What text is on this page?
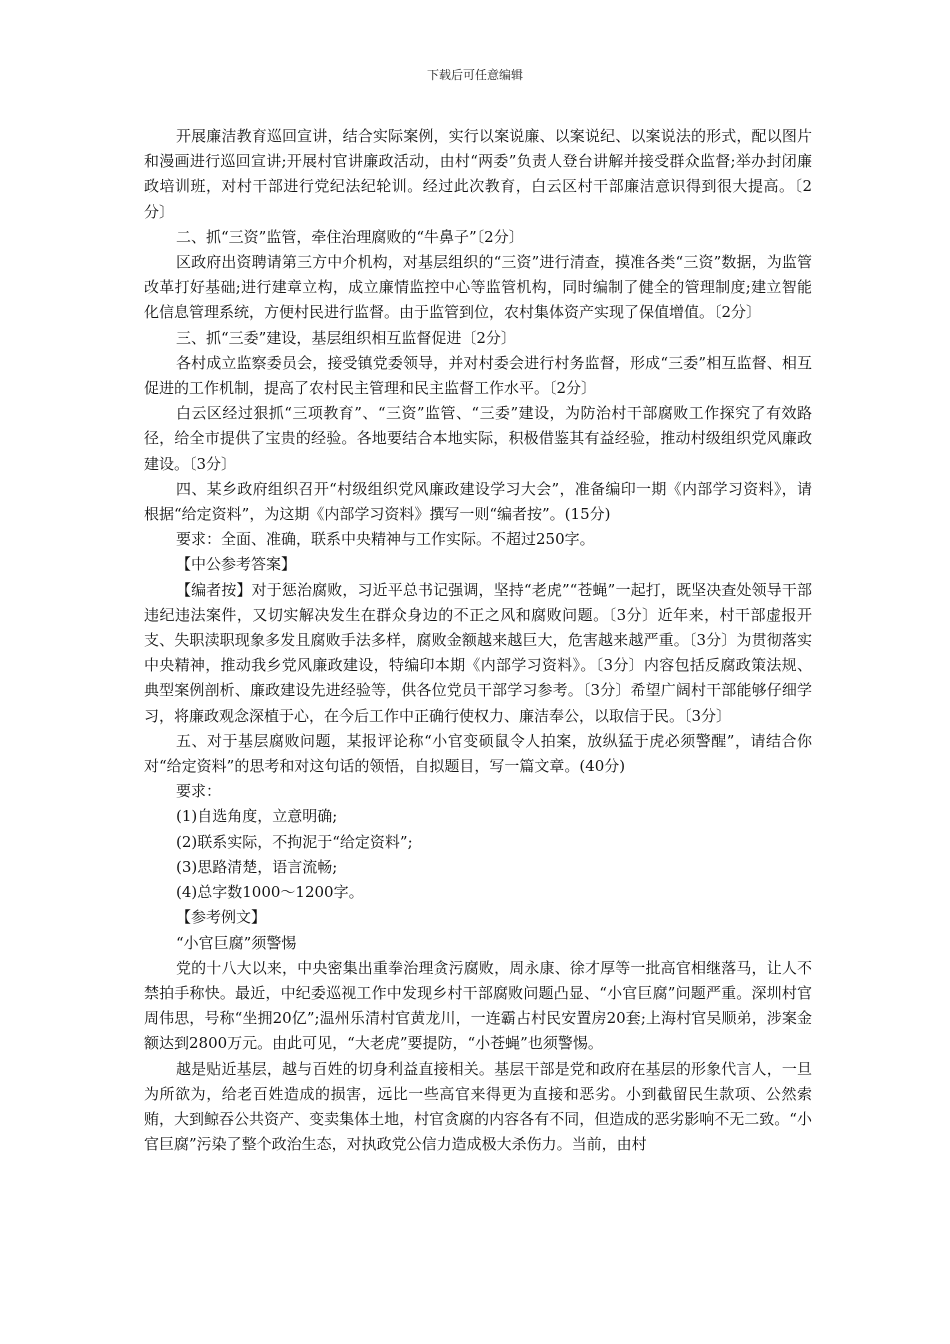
下载后可任意编辑

开展廉洁教育巡回宣讲，结合实际案例，实行以案说廉、以案说纪、以案说法的形式，配以图片和漫画进行巡回宣讲;开展村官讲廉政活动，由村“两委”负责人登台讲解并接受群众监督;举办封闭廉政培训班，对村干部进行党纪法纪轮训。经过此次教育，白云区村干部廉洁意识得到很大提高。〔2分〕

二、抓“三资”监管，牵住治理腐败的“牛鼻子”〔2分〕

区政府出资聘请第三方中介机构，对基层组织的“三资”进行清查，摸准各类“三资”数据，为监管改革打好基础;进行建章立构，成立廉情监控中心等监管机构，同时编制了健全的管理制度;建立智能化信息管理系统，方便村民进行监督。由于监管到位，农村集体资产实现了保值增值。〔2分〕

三、抓“三委”建设，基层组织相互监督促进〔2分〕

各村成立监察委员会，接受镇党委领导，并对村委会进行村务监督，形成“三委”相互监督、相互促进的工作机制，提高了农村民主管理和民主监督工作水平。〔2分〕

白云区经过狠抓“三项教育”、“三资”监管、“三委”建设，为防治村干部腐败工作探究了有效路径，给全市提供了宝贵的经验。各地要结合本地实际，积极借鉴其有益经验，推动村级组织党风廉政建设。〔3分〕

四、某乡政府组织召开“村级组织党风廉政建设学习大会”，准备编印一期《内部学习资料》，请根据“给定资料”，为这期《内部学习资料》撰写一则“编者按”。(15分)

要求：全面、准确，联系中央精神与工作实际。不超过250字。

【中公参考答案】

【编者按】对于惩治腐败，习近平总书记强调，坚持“老虎”“苍蝇”一起打，既坚决查处领导干部违纪违法案件，又切实解决发生在群众身边的不正之风和腐败问题。〔3分〕近年来，村干部虚报开支、失职渎职现象多发且腐败手法多样，腐败金额越来越巨大，危害越来越严重。〔3分〕为贯彻落实中央精神，推动我乡党风廉政建设，特编印本期《内部学习资料》。〔3分〕内容包括反腐政策法规、典型案例剖析、廉政建设先进经验等，供各位党员干部学习参考。〔3分〕希望广阔村干部能够仔细学习，将廉政观念深植于心，在今后工作中正确行使权力、廉洁奉公，以取信于民。〔3分〕

五、对于基层腐败问题，某报评论称“小官变硕鼠令人拍案，放纵猛于虎必须警醒”，请结合你对“给定资料”的思考和对这句话的领悟，自拟题目，写一篇文章。(40分)

要求：

(1)自选角度，立意明确;

(2)联系实际，不拘泥于“给定资料”;

(3)思路清楚，语言流畅;

(4)总字数1000～1200字。

【参考例文】

“小官巨腐”须警惕

党的十八大以来，中央密集出重拳治理贪污腐败，周永康、徐才厚等一批高官相继落马，让人不禁拍手称快。最近，中纪委巡视工作中发现乡村干部腐败问题凸显、“小官巨腐”问题严重。深圳村官周伟思，号称“坐拥20亿”;温州乐清村官黄龙川，一连霸占村民安置房20套;上海村官吴顺弟，涉案金额达到2800万元。由此可见，“大老虎”要提防，“小苍蝇”也须警惕。

越是贴近基层，越与百姓的切身利益直接相关。基层干部是党和政府在基层的形象代言人，一旦为所欲为，给老百姓造成的损害，远比一些高官来得更为直接和恶劣。小到截留民生款项、公然索贿，大到鲸吞公共资产、变卖集体土地，村官贪腐的内容各有不同，但造成的恶劣影响不无二致。“小官巨腐”污染了整个政治生态，对执政党公信力造成极大杀伤力。当前，由村
